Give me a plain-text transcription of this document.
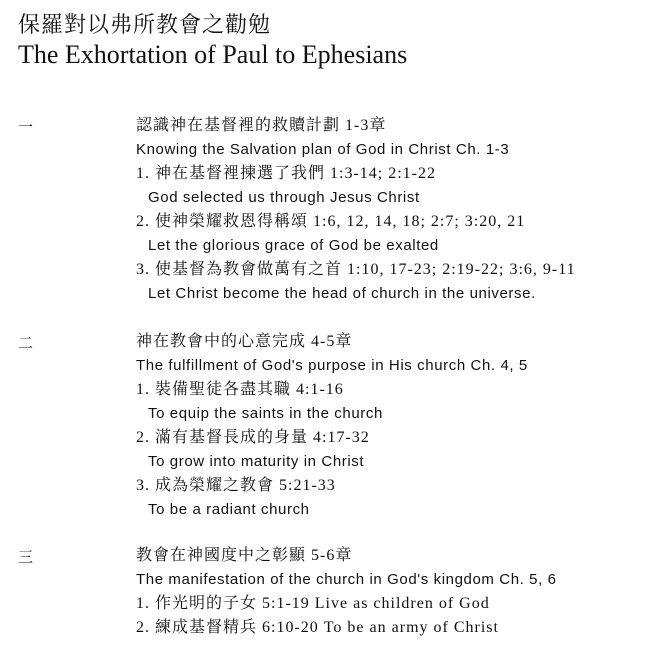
保羅對以弗所教會之勸勉
The Exhortation of Paul to Ephesians
一	認識神在基督裡的救贖計劃 1-3章
Knowing the Salvation plan of God in Christ Ch. 1-3
1. 神在基督裡揀選了我們 1:3-14; 2:1-22
God selected us through Jesus Christ
2. 使神榮耀救恩得稱頌 1:6, 12, 14, 18; 2:7; 3:20, 21
Let the glorious grace of God be exalted
3. 使基督為教會做萬有之首 1:10, 17-23; 2:19-22; 3:6, 9-11
Let Christ become the head of church in the universe.
二	神在教會中的心意完成 4-5章
The fulfillment of God's purpose in His church Ch. 4, 5
1. 裝備聖徒各盡其職 4:1-16
To equip the saints in the church
2. 滿有基督長成的身量 4:17-32
To grow into maturity in Christ
3. 成為榮耀之教會 5:21-33
To be a radiant church
三	教會在神國度中之彰顯 5-6章
The manifestation of the church in God's kingdom Ch. 5, 6
1. 作光明的子女 5:1-19 Live as children of God
2. 練成基督精兵 6:10-20 To be an army of Christ
